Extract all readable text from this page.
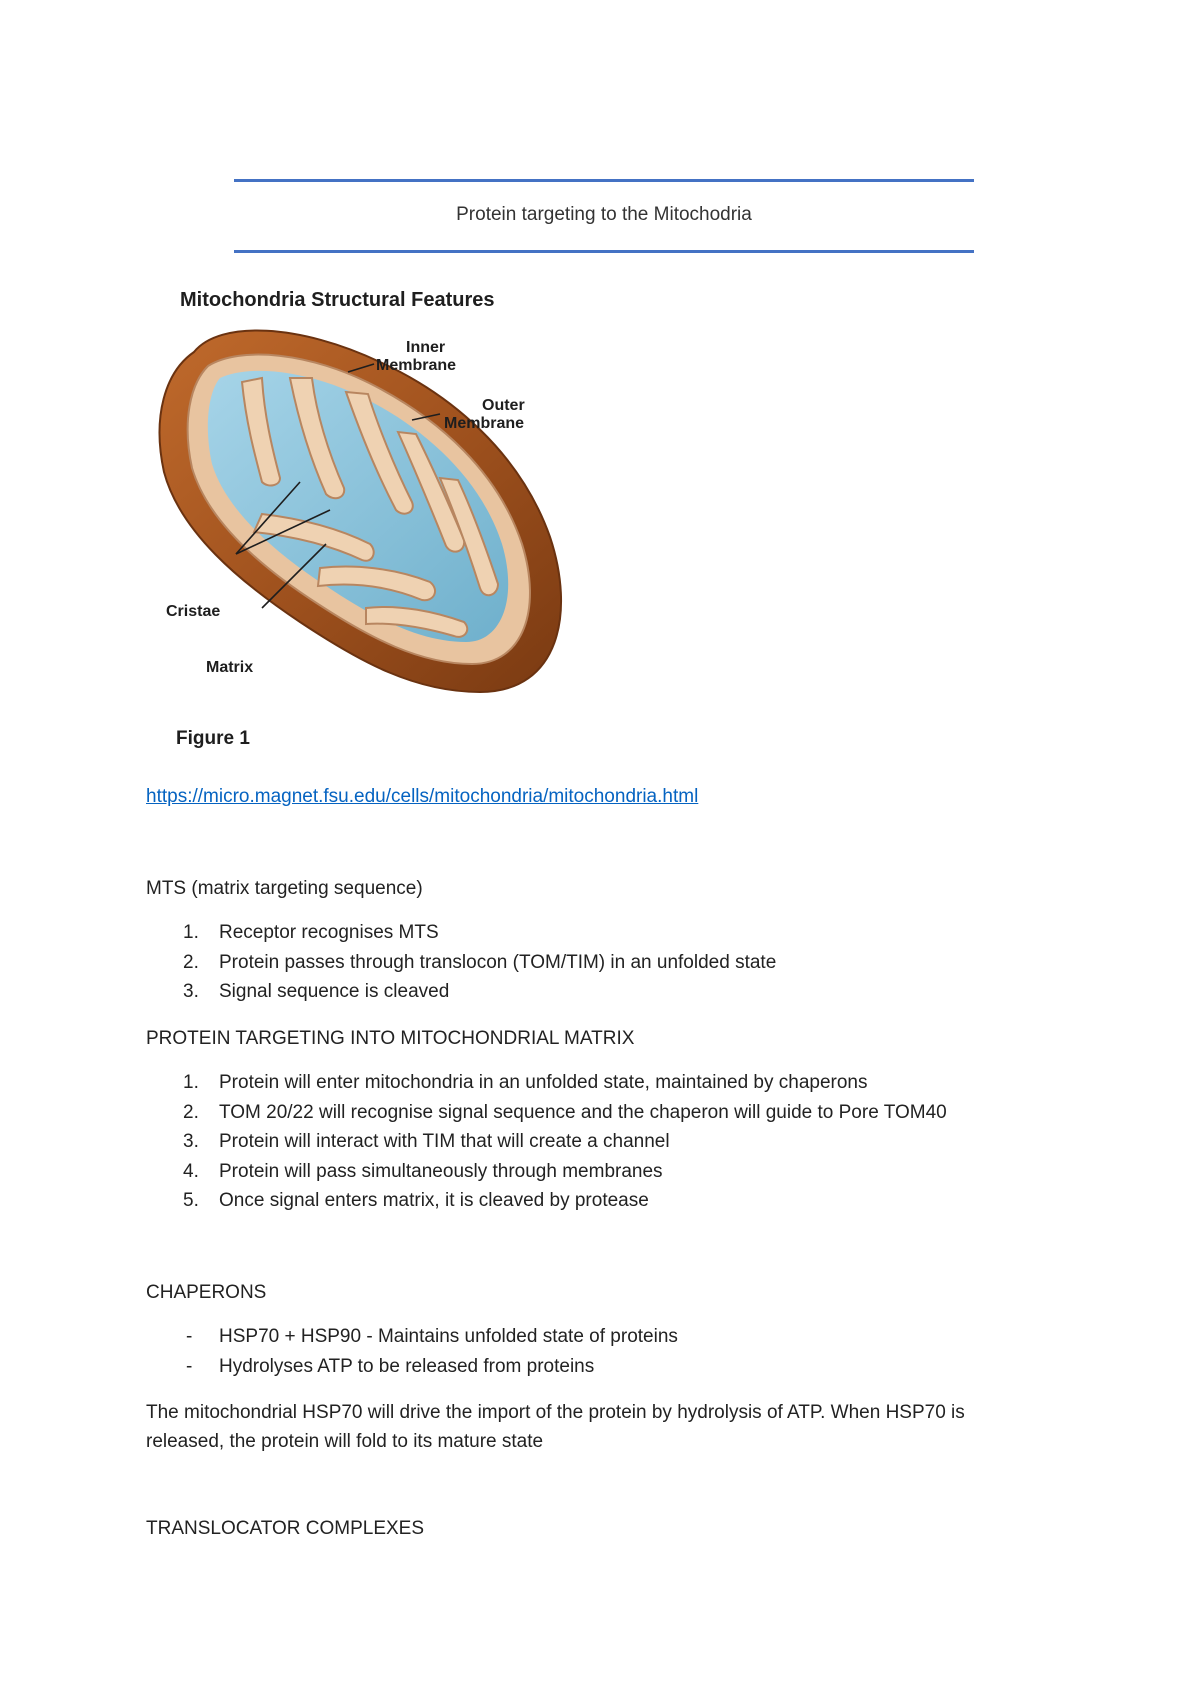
Protein targeting to the Mitochodria
Mitochondria Structural Features
Inner
Membrane
Outer
Membrane
Cristae
Matrix
Figure 1
https://micro.magnet.fsu.edu/cells/mitochondria/mitochondria.html
MTS (matrix targeting sequence)
1. Receptor recognises MTS
2. Protein passes through translocon (TOM/TIM) in an unfolded state
3. Signal sequence is cleaved
PROTEIN TARGETING INTO MITOCHONDRIAL MATRIX
1. Protein will enter mitochondria in an unfolded state, maintained by chaperons
2. TOM 20/22 will recognise signal sequence and the chaperon will guide to Pore TOM40
3. Protein will interact with TIM that will create a channel
4. Protein will pass simultaneously through membranes
5. Once signal enters matrix, it is cleaved by protease
CHAPERONS
- HSP70 + HSP90 - Maintains unfolded state of proteins
- Hydrolyses ATP to be released from proteins
The mitochondrial HSP70 will drive the import of the protein by hydrolysis of ATP. When HSP70 is
released, the protein will fold to its mature state
TRANSLOCATOR COMPLEXES
